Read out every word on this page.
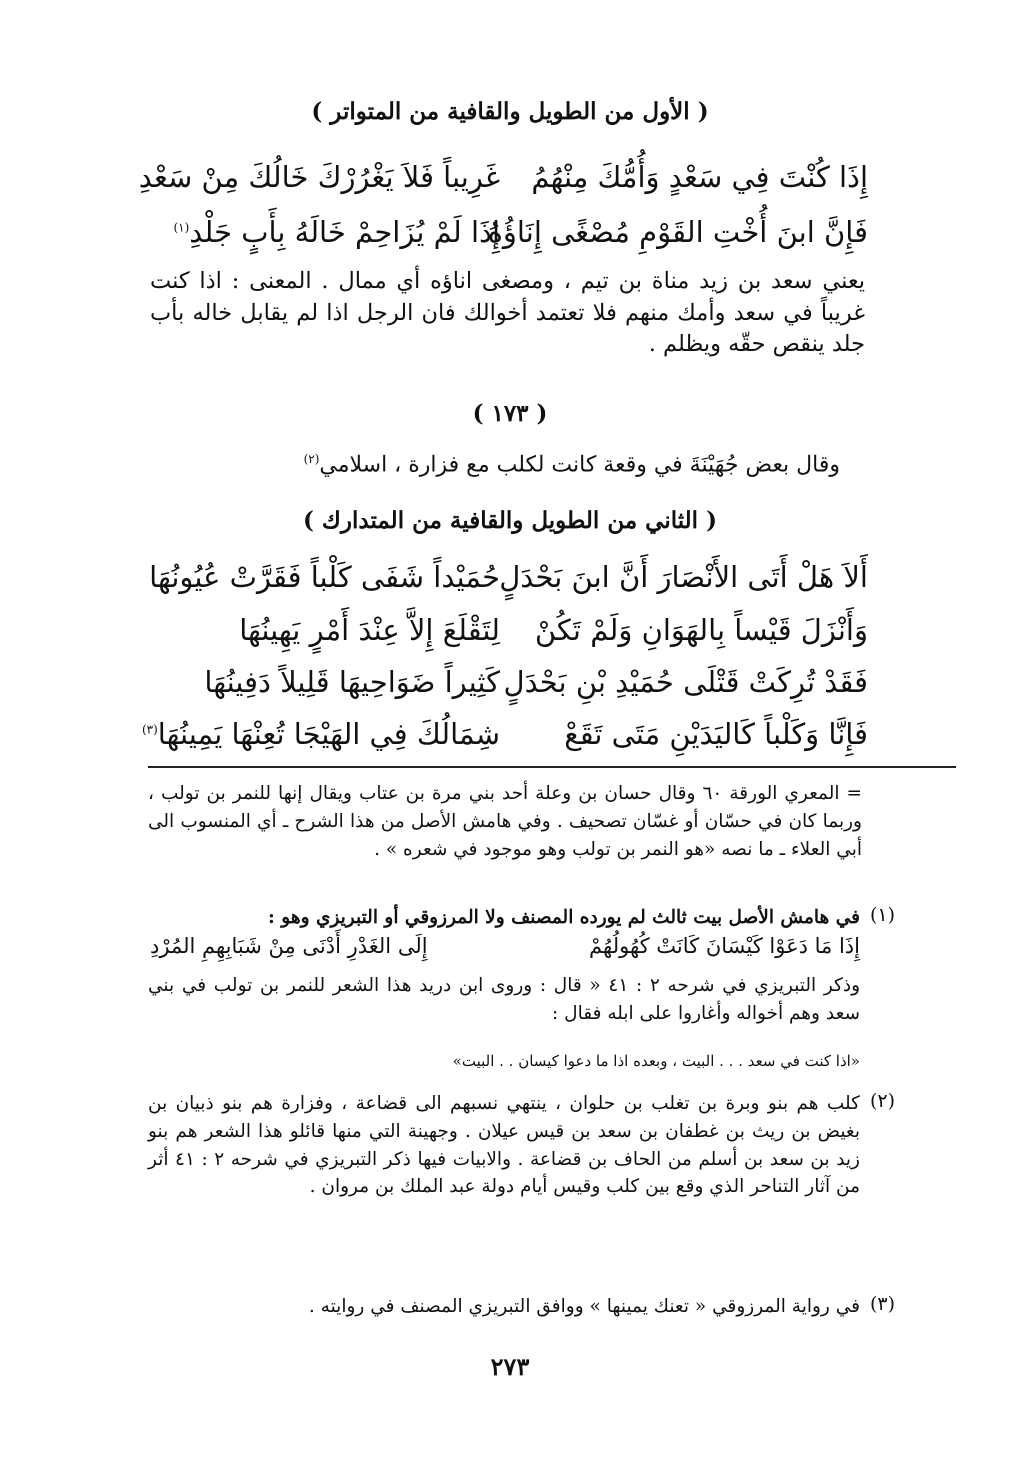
( الأول من الطويل والقافية من المتواتر )
إِذَا كُنْتَ فِي سَعْدٍ وَأُمُّكَ مِنْهُمُ
غَرِيباً فَلاَ يَغْرُرْكَ خَالُكَ مِنْ سَعْدِ
فَإِنَّ ابنَ أُخْتِ القَوْمِ مُصْغًى إِنَاؤُهُ
إِذَا لَمْ يُزَاحِمْ خَالَهُ بِأَبٍ جَلْدِ$^{(١)}$
يعني سعد بن زيد مناة بن تيم ، ومصغى اناؤه أي ممال . المعنى : اذا كنت غريباً في سعد وأمك منهم فلا تعتمد أخوالك فان الرجل اذا لم يقابل خاله بأب جلد ينقص حقّه ويظلم .
( ١٧٣ )
وقال بعض جُهَيْنَةَ في وقعة كانت لكلب مع فزارة ، اسلامي$^{(٢)}$
( الثاني من الطويل والقافية من المتدارك )
أَلاَ هَلْ أَتَى الأَنْصَارَ أَنَّ ابنَ بَحْدَلٍ
حُمَيْداً شَفَى كَلْباً فَقَرَّتْ عُيُونُهَا
وَأَنْزَلَ قَيْساً بِالهَوَانِ وَلَمْ تَكُنْ
لِتَقْلَعَ إِلاَّ عِنْدَ أَمْرٍ يَهِينُهَا
فَقَدْ تُرِكَتْ قَتْلَى حُمَيْدِ بْنِ بَحْدَلٍ
كَثِيراً ضَوَاحِيهَا قَلِيلاً دَفِينُهَا
فَإِنَّا وَكَلْباً كَاليَدَيْنِ مَتَى تَقَعْ
شِمَالُكَ فِي الهَيْجَا تُعِنْهَا يَمِينُهَا$^{(٣)}$
= المعري الورقة ٦٠ وقال حسان بن وعلة أحد بني مرة بن عتاب ويقال إنها للنمر بن تولب ، وربما كان في حسّان أو غسّان تصحيف . وفي هامش الأصل من هذا الشرح ـ أي المنسوب الى أبي العلاء ـ ما نصه «هو النمر بن تولب وهو موجود في شعره » .
(١)
في هامش الأصل بيت ثالث لم يورده المصنف ولا المرزوقي أو التبريزي وهو :
إِذَا مَا دَعَوْا كَيْسَانَ كَانَتْ كُهُولُهُمْ
إِلَى الغَدْرِ أَدْنَى مِنْ شَبَابِهِمِ المُرْدِ
وذكر التبريزي في شرحه ٢ : ٤١ « قال : وروى ابن دريد هذا الشعر للنمر بن تولب في بني سعد وهم أخواله وأغاروا على ابله فقال :
«اذا كنت في سعد . . . البيت ، وبعده اذا ما دعوا كيسان . . البيت»
(٢)
كلب هم بنو وبرة بن تغلب بن حلوان ، ينتهي نسبهم الى قضاعة ، وفزارة هم بنو ذبيان بن بغيض بن ريث بن غطفان بن سعد بن قيس عيلان . وجهينة التي منها قائلو هذا الشعر هم بنو زيد بن سعد بن أسلم من الحاف بن قضاعة . والابيات فيها ذكر التبريزي في شرحه ٢ : ٤١ أثر من آثار التناحر الذي وقع بين كلب وقيس أيام دولة عبد الملك بن مروان .
(٣)
في رواية المرزوقي « تعنك يمينها » ووافق التبريزي المصنف في روايته .
٢٧٣
